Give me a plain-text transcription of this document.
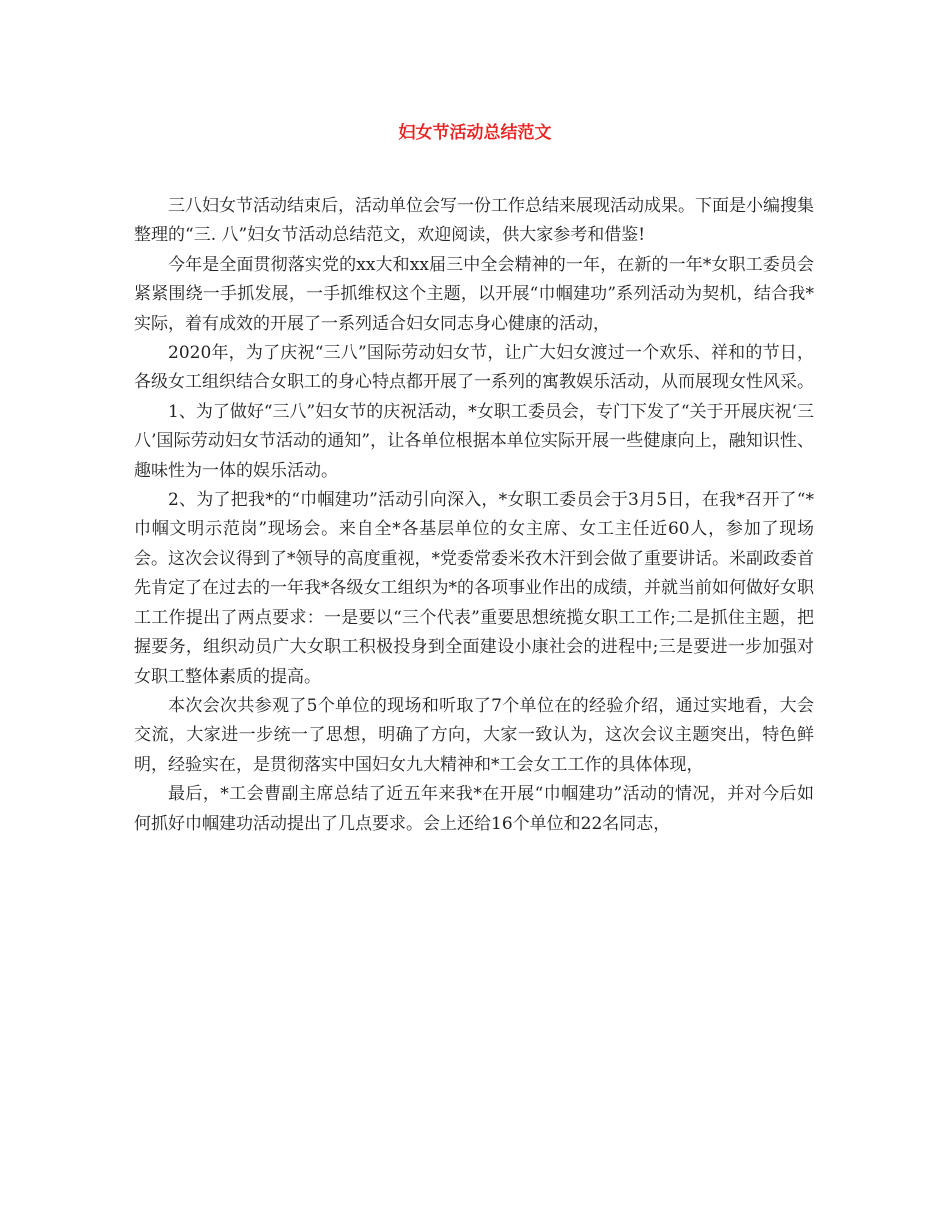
妇女节活动总结范文

三八妇女节活动结束后，活动单位会写一份工作总结来展现活动成果。下面是小编搜集整理的“三. 八”妇女节活动总结范文，欢迎阅读，供大家参考和借鉴!

今年是全面贯彻落实党的xx大和xx届三中全会精神的一年，在新的一年*女职工委员会紧紧围绕一手抓发展，一手抓维权这个主题，以开展“巾帼建功”系列活动为契机，结合我*实际，着有成效的开展了一系列适合妇女同志身心健康的活动，

2020年，为了庆祝“三八”国际劳动妇女节，让广大妇女渡过一个欢乐、祥和的节日，各级女工组织结合女职工的身心特点都开展了一系列的寓教娱乐活动，从而展现女性风采。

1、为了做好“三八”妇女节的庆祝活动，*女职工委员会，专门下发了“关于开展庆祝‘三八’国际劳动妇女节活动的通知”，让各单位根据本单位实际开展一些健康向上，融知识性、趣味性为一体的娱乐活动。

2、为了把我*的“巾帼建功”活动引向深入，*女职工委员会于3月5日，在我*召开了“*巾帼文明示范岗”现场会。来自全*各基层单位的女主席、女工主任近60人，参加了现场会。这次会议得到了*领导的高度重视，*党委常委米孜木汗到会做了重要讲话。米副政委首先肯定了在过去的一年我*各级女工组织为*的各项事业作出的成绩，并就当前如何做好女职工工作提出了两点要求：一是要以“三个代表”重要思想统揽女职工工作;二是抓住主题，把握要务，组织动员广大女职工积极投身到全面建设小康社会的进程中;三是要进一步加强对女职工整体素质的提高。

本次会次共参观了5个单位的现场和听取了7个单位在的经验介绍，通过实地看，大会交流，大家进一步统一了思想，明确了方向，大家一致认为，这次会议主题突出，特色鲜明，经验实在，是贯彻落实中国妇女九大精神和*工会女工工作的具体体现，

最后，*工会曹副主席总结了近五年来我*在开展“巾帼建功”活动的情况，并对今后如何抓好巾帼建功活动提出了几点要求。会上还给16个单位和22名同志，
